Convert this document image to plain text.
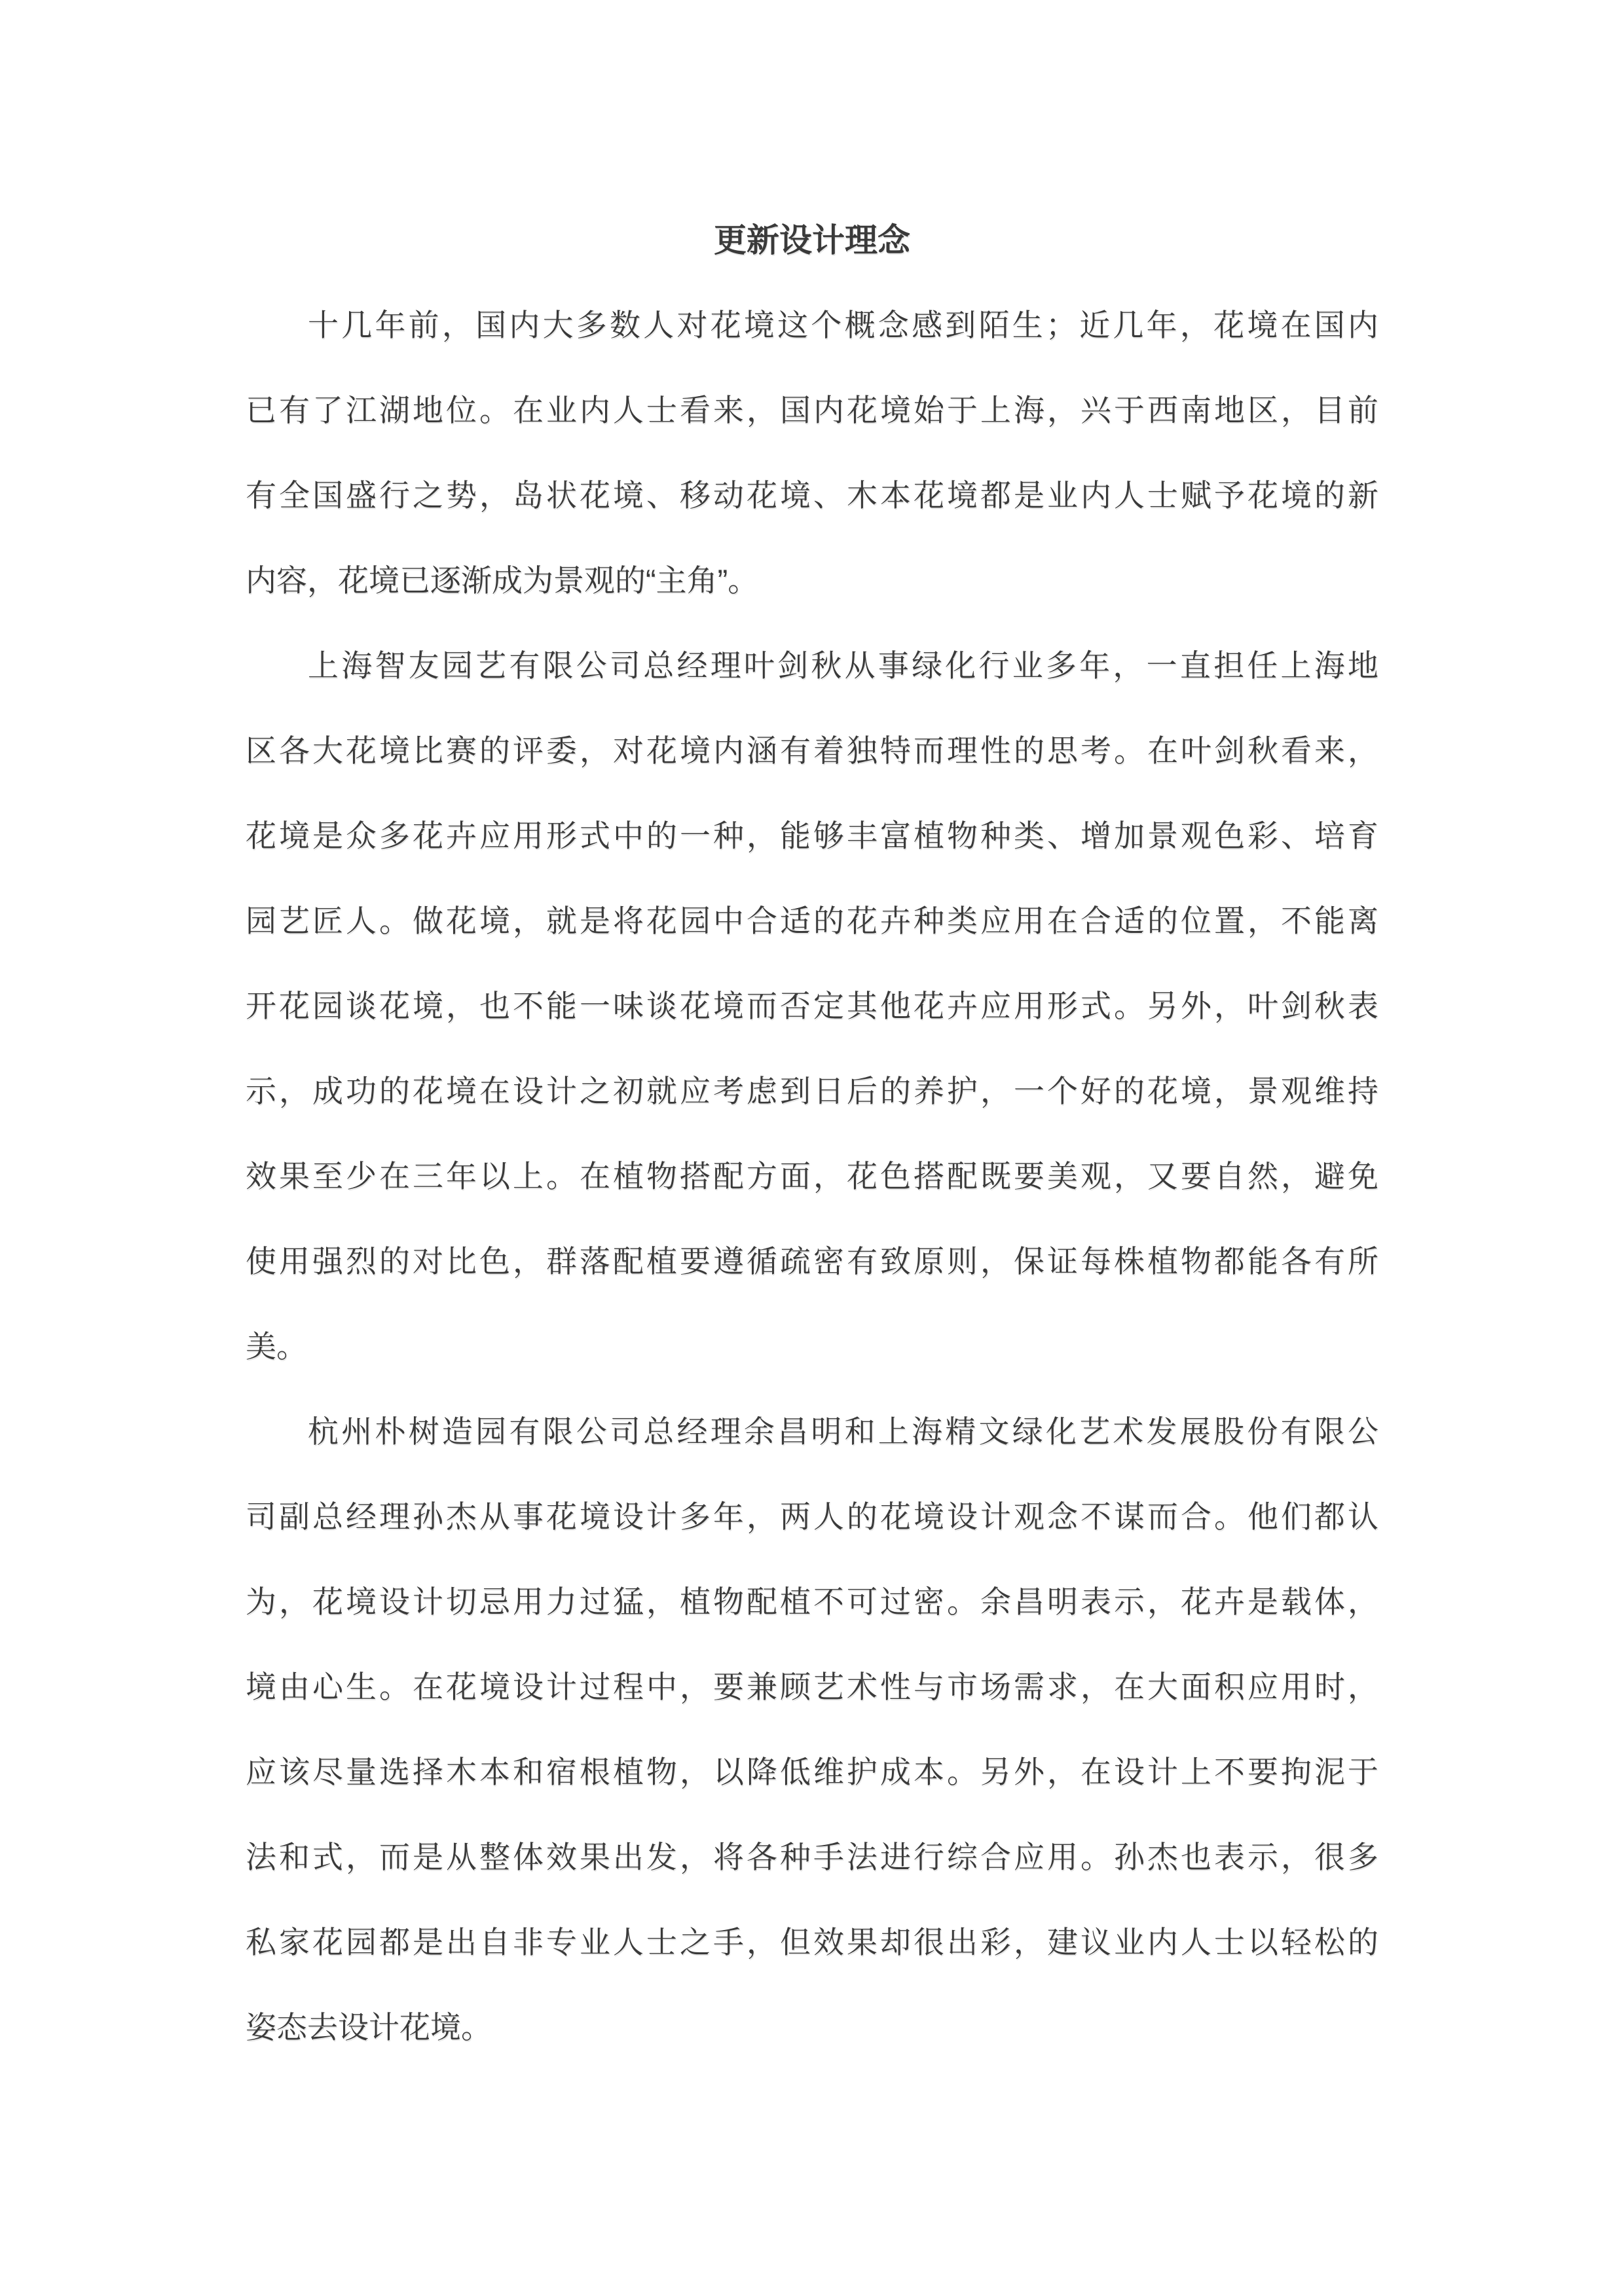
更新设计理念
十几年前，国内大多数人对花境这个概念感到陌生；近几年，花境在国内
已有了江湖地位。在业内人士看来，国内花境始于上海，兴于西南地区，目前
有全国盛行之势，岛状花境、移动花境、木本花境都是业内人士赋予花境的新
内容，花境已逐渐成为景观的“主角”。
上海智友园艺有限公司总经理叶剑秋从事绿化行业多年，一直担任上海地
区各大花境比赛的评委，对花境内涵有着独特而理性的思考。在叶剑秋看来，
花境是众多花卉应用形式中的一种，能够丰富植物种类、增加景观色彩、培育
园艺匠人。做花境，就是将花园中合适的花卉种类应用在合适的位置，不能离
开花园谈花境，也不能一味谈花境而否定其他花卉应用形式。另外，叶剑秋表
示，成功的花境在设计之初就应考虑到日后的养护，一个好的花境，景观维持
效果至少在三年以上。在植物搭配方面，花色搭配既要美观，又要自然，避免
使用强烈的对比色，群落配植要遵循疏密有致原则，保证每株植物都能各有所
美。
杭州朴树造园有限公司总经理余昌明和上海精文绿化艺术发展股份有限公
司副总经理孙杰从事花境设计多年，两人的花境设计观念不谋而合。他们都认
为，花境设计切忌用力过猛，植物配植不可过密。余昌明表示，花卉是载体，
境由心生。在花境设计过程中，要兼顾艺术性与市场需求，在大面积应用时，
应该尽量选择木本和宿根植物，以降低维护成本。另外，在设计上不要拘泥于
法和式，而是从整体效果出发，将各种手法进行综合应用。孙杰也表示，很多
私家花园都是出自非专业人士之手，但效果却很出彩，建议业内人士以轻松的
姿态去设计花境。
